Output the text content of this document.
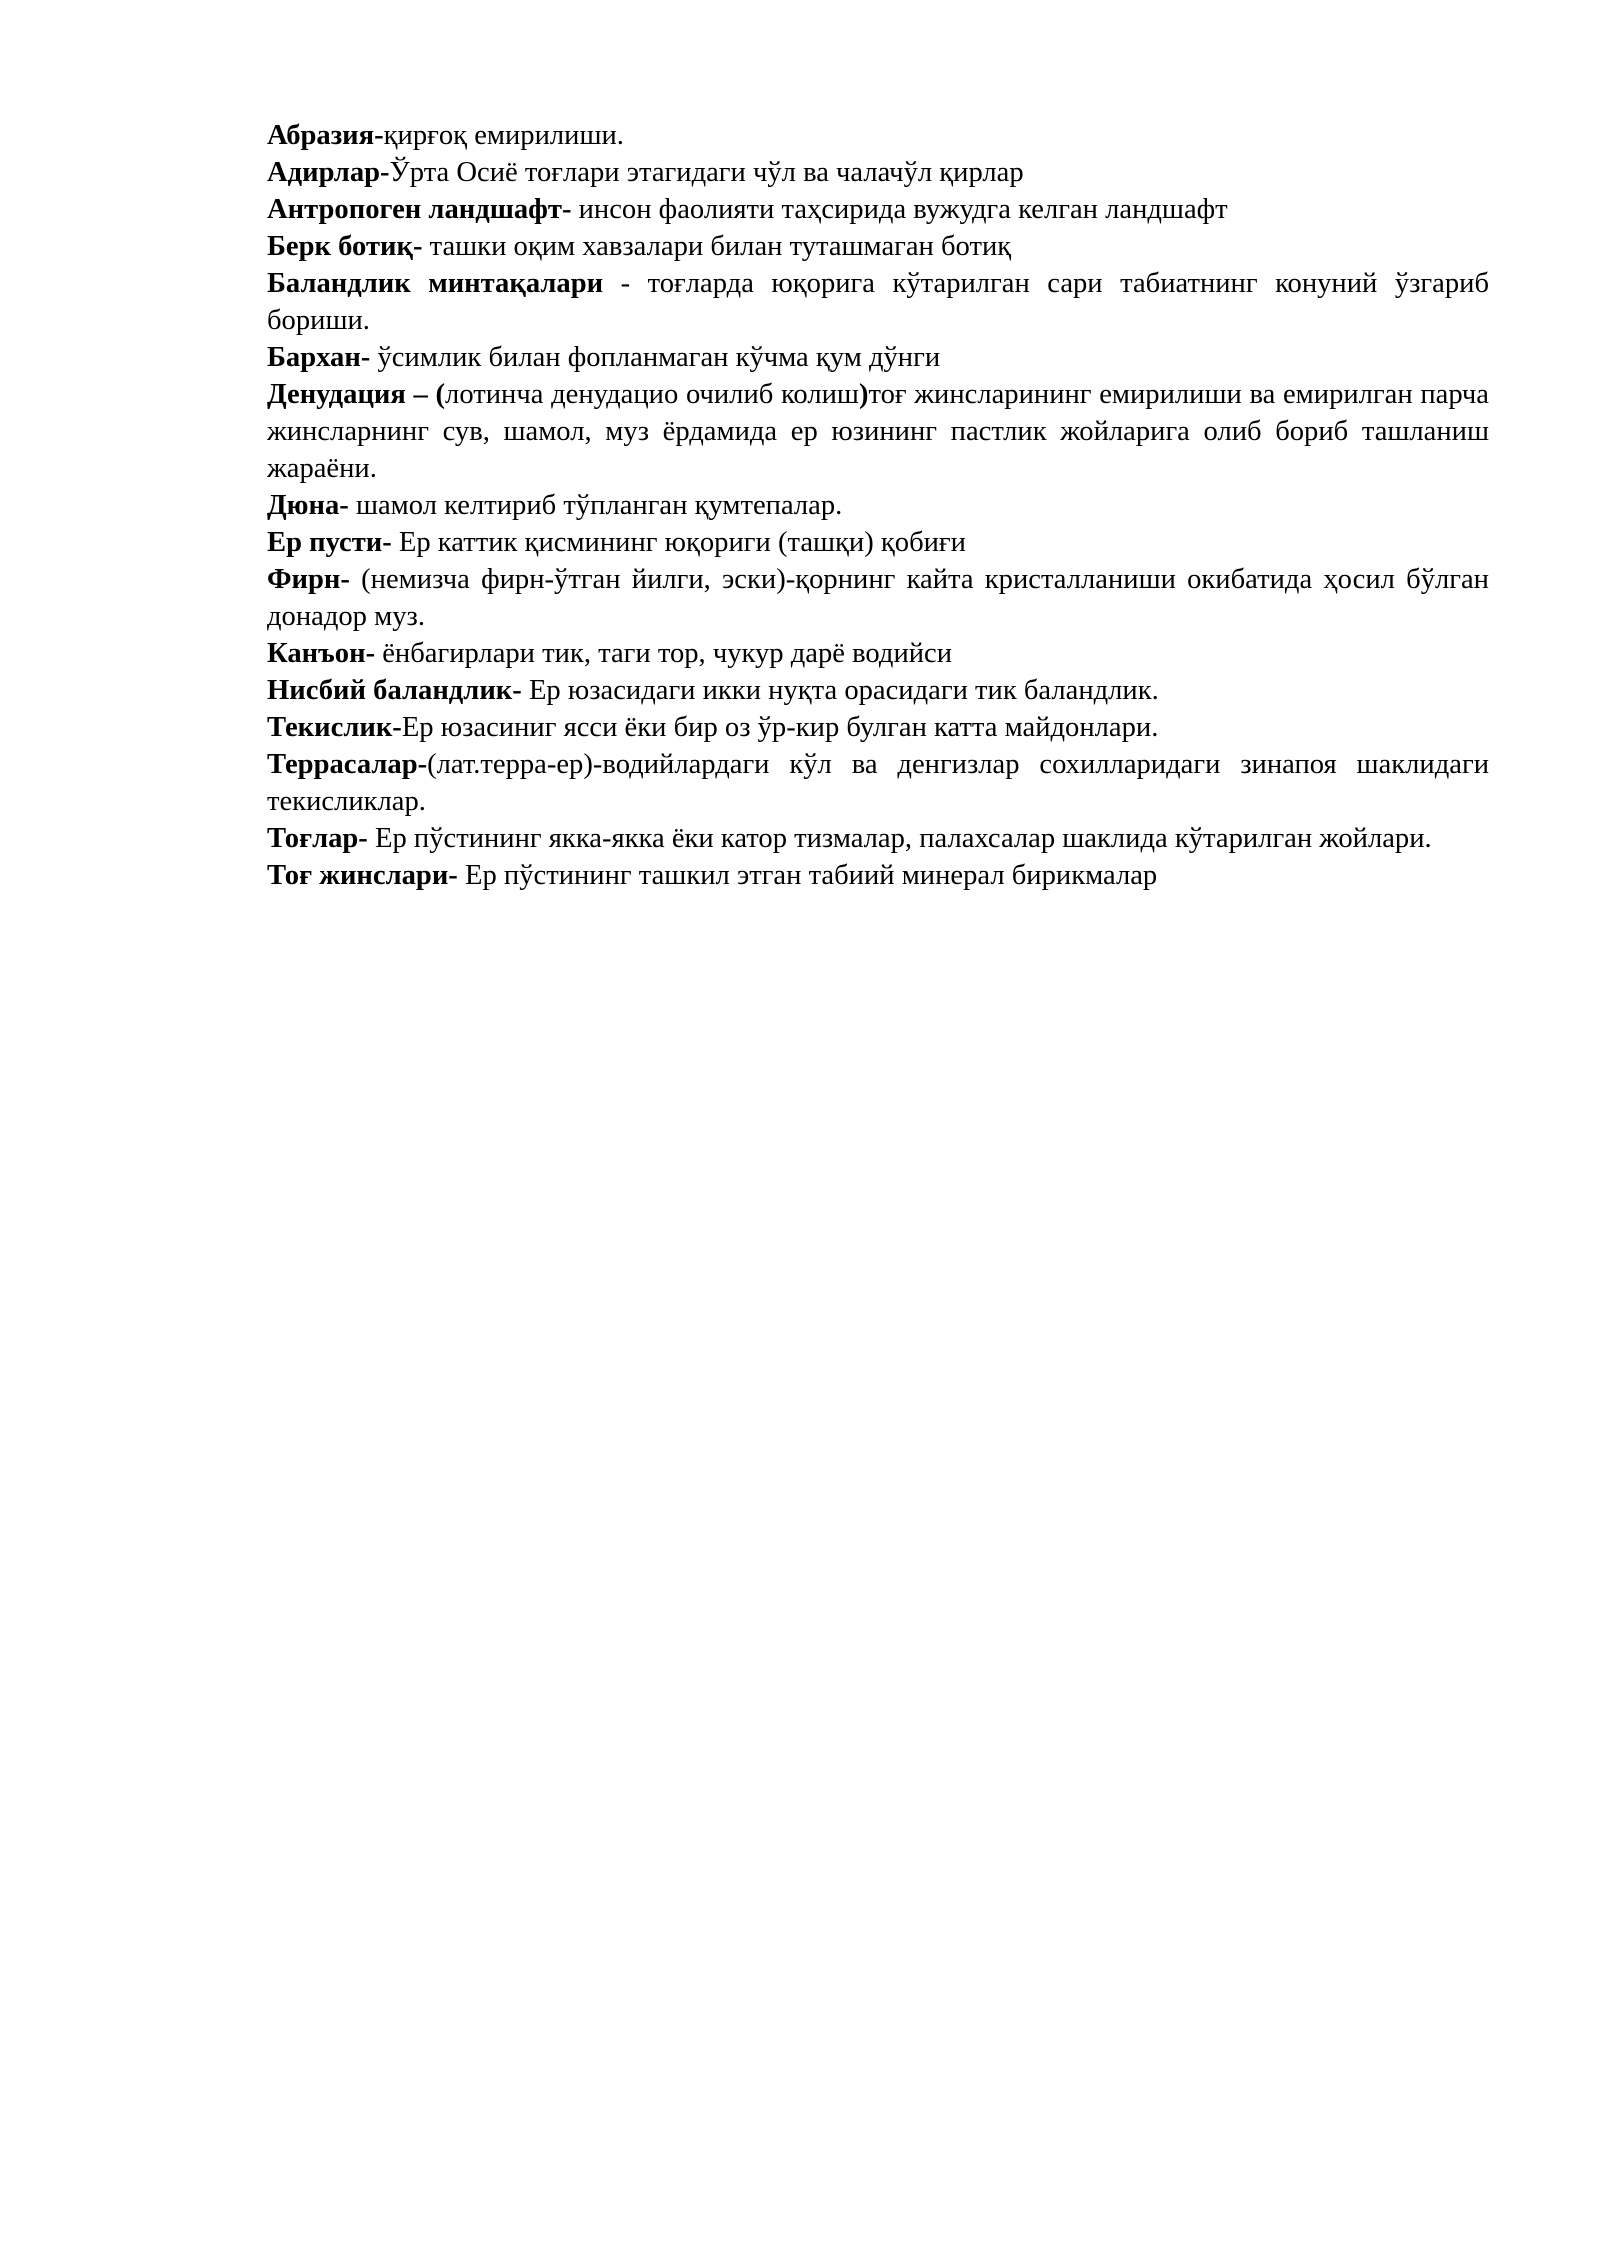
Абразия-қирғоқ емирилиши.

Адирлар-Ўрта Осиё тоғлари этагидаги чўл ва чалачўл қирлар

Антропоген ландшафт- инсон фаолияти таҳсирида вужудга келган ландшафт

Берк ботиқ- ташки оқим хавзалари билан туташмаган ботиқ

Баландлик минтақалари - тоғларда юқорига кўтарилган сари табиатнинг конуний ўзгариб бориши.

Бархан- ўсимлик билан фопланмаган кўчма қум дўнги

Денудация – (лотинча денудацио очилиб колиш)тоғ жинсларининг емирилиши ва емирилган парча жинсларнинг сув, шамол, муз ёрдамида ер юзининг пастлик жойларига олиб бориб ташланиш жараёни.

Дюна- шамол келтириб тўпланган қумтепалар.

Ер пусти- Ер каттик қисмининг юқориги (ташқи) қобиғи

Фирн- (немизча фирн-ўтган йилги, эски)-қорнинг кайта кристалланиши окибатида ҳосил бўлган донадор муз.

Канъон- ёнбагирлари тик, таги тор, чукур дарё водийси

Нисбий баландлик- Ер юзасидаги икки нуқта орасидаги тик баландлик.

Текислик-Ер юзасиниг ясси ёки бир оз ўр-кир булган катта майдонлари.

Террасалар-(лат.терра-ер)-водийлардаги кўл ва денгизлар сохилларидаги зинапоя шаклидаги текисликлар.

Тоғлар- Ер пўстининг якка-якка ёки катор тизмалар, палахсалар шаклида кўтарилган жойлари.

Тоғ жинслари- Ер пўстининг ташкил этган табиий минерал бирикмалар
